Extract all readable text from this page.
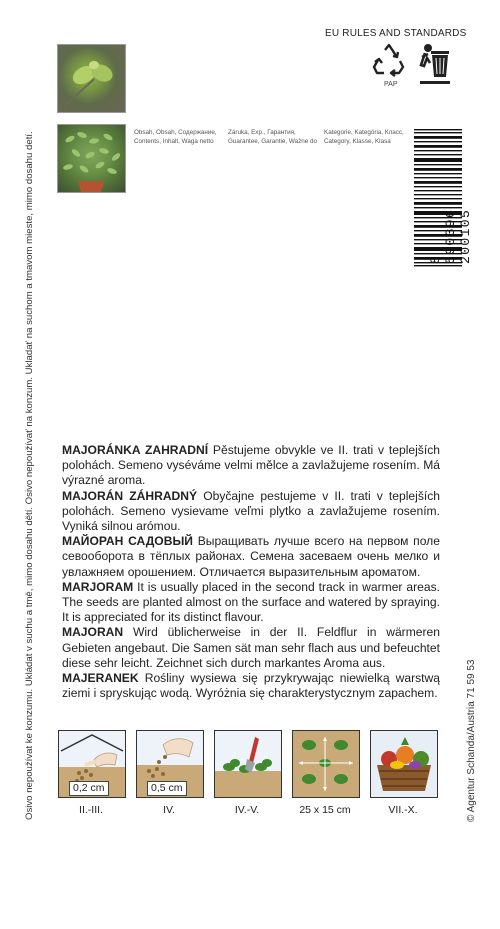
Osivo nepoužívat ke konzumu. Ukládat v suchu a tmě, mimo dosahu dětí. Osivo nepoužívať na konzum. Ukladať na suchom a tmavom mieste, mimo dosahu detí.	© Agentur Schanda/Austria 71 59 53
Obsah, Obsah, Содержание,
Contents, Inhalt, Waga netto
Záruka, Exp., Гарантия,
Guarantee, Garantie, Ważne do
Kategorie, Kategória, Класс,
Category, Klasse, Klasa
EU RULES AND STANDARDS
PAP
8 590396 200105

MAJORÁNKA ZAHRADNÍ Pěstujeme obvykle ve II. trati v teplejších polohách. Semeno vyséváme velmi mělce a zavlažujeme rosením. Má výrazné aroma.

MAJORÁN ZÁHRADNÝ Obyčajne pestujeme v II. trati v teplejších polohách. Semeno vysievame veľmi plytko a zavlažujeme rosením. Vyniká silnou arómou.

МАЙОРАН САДОВЫЙ Выращивать лучше всего на первом поле севооборота в тёплых районах. Семена засеваем очень мелко и увлажняем орошением. Отличается выразительным ароматом.

MARJORAM It is usually placed in the second track in warmer areas. The seeds are planted almost on the surface and watered by spraying. It is appreciated for its distinct flavour.

MAJORAN Wird üblicherweise in der II. Feldflur in wärmeren Gebieten angebaut. Die Samen sät man sehr flach aus und befeuchtet diese sehr leicht. Zeichnet sich durch markantes Aroma aus.

MAJERANEK Rośliny wysiewa się przykrywając niewielką warstwą ziemi i spryskując wodą. Wyróżnia się charakterystycznym zapachem.

0,2 cm
II.-III.
0,5 cm
IV.	IV.-V.	25 x 15 cm	VII.-X.
